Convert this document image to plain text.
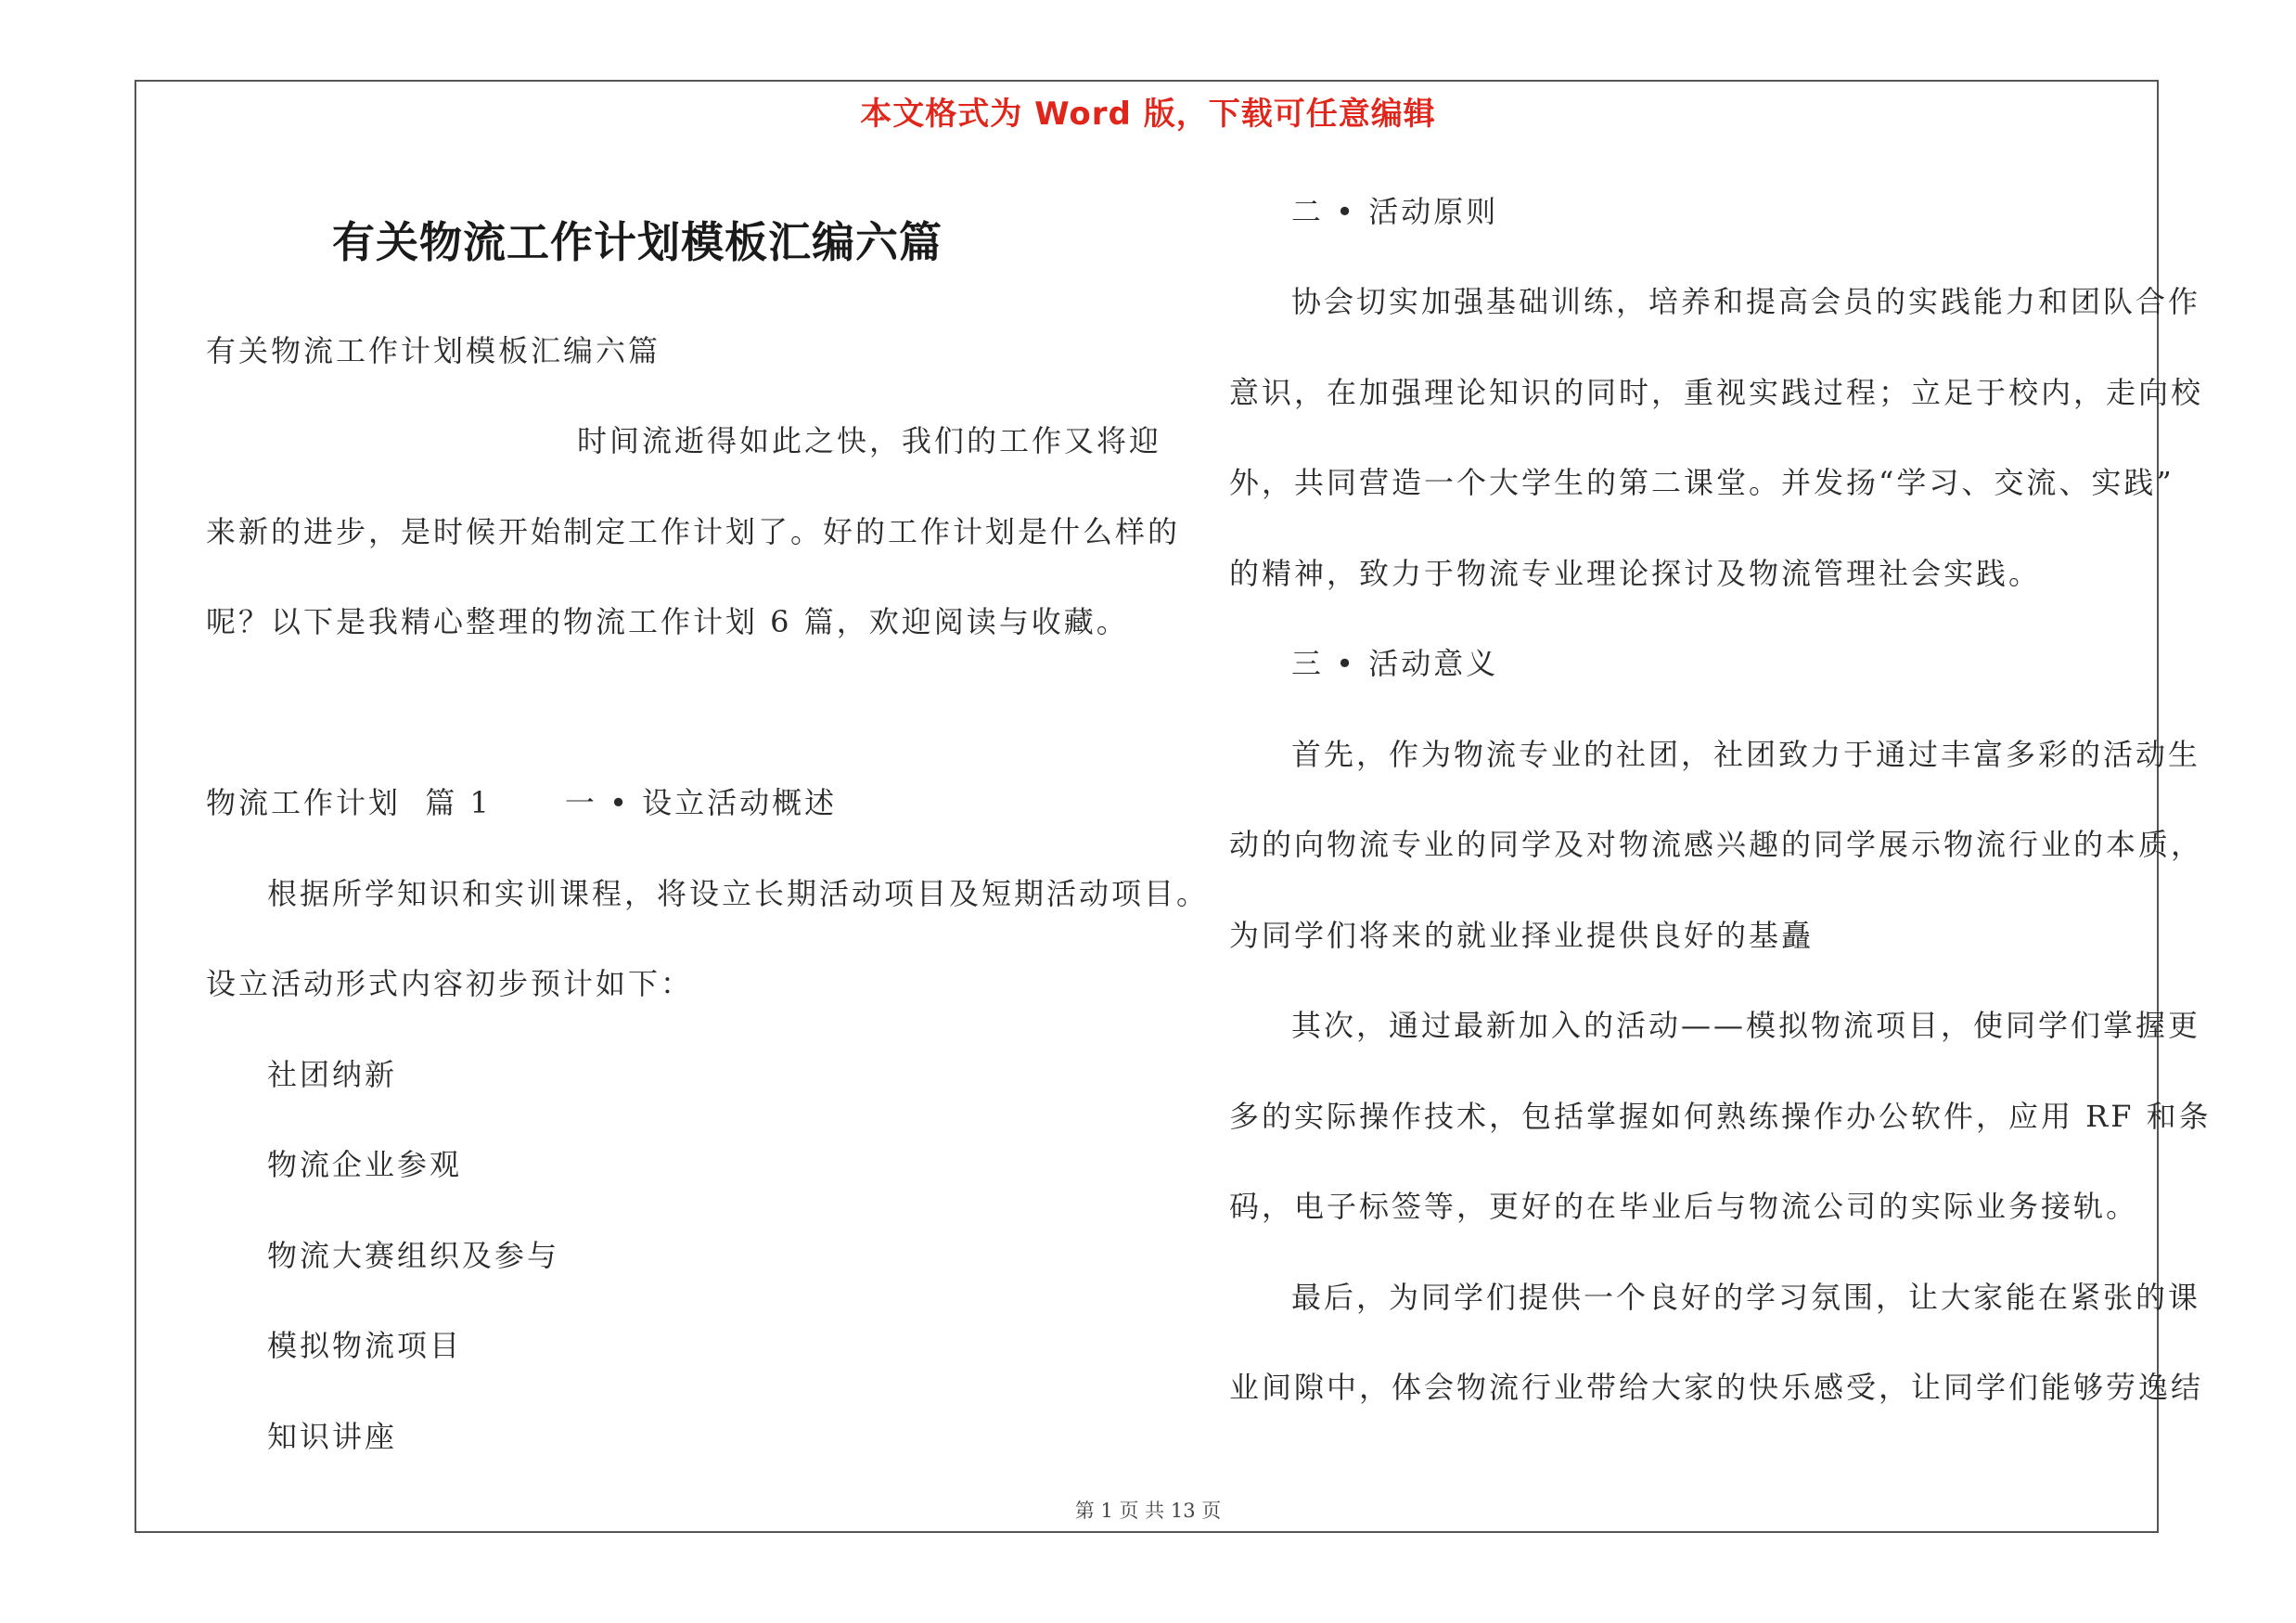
本文格式为 Word 版，下载可任意编辑
有关物流工作计划模板汇编六篇
有关物流工作计划模板汇编六篇
时间流逝得如此之快，我们的工作又将迎
来新的进步，是时候开始制定工作计划了。好的工作计划是什么样的
呢？以下是我精心整理的物流工作计划 6 篇，欢迎阅读与收藏。
物流工作计划  篇 1      一 • 设立活动概述
根据所学知识和实训课程，将设立长期活动项目及短期活动项目。
设立活动形式内容初步预计如下：
社团纳新
物流企业参观
物流大赛组织及参与
模拟物流项目
知识讲座
二 • 活动原则
协会切实加强基础训练，培养和提高会员的实践能力和团队合作
意识，在加强理论知识的同时，重视实践过程；立足于校内，走向校
外，共同营造一个大学生的第二课堂。并发扬“学习、交流、实践”
的精神，致力于物流专业理论探讨及物流管理社会实践。
三 • 活动意义
首先，作为物流专业的社团，社团致力于通过丰富多彩的活动生
动的向物流专业的同学及对物流感兴趣的同学展示物流行业的本质，
为同学们将来的就业择业提供良好的基矗
其次，通过最新加入的活动——模拟物流项目，使同学们掌握更
多的实际操作技术，包括掌握如何熟练操作办公软件，应用 RF 和条
码，电子标签等，更好的在毕业后与物流公司的实际业务接轨。
最后，为同学们提供一个良好的学习氛围，让大家能在紧张的课
业间隙中，体会物流行业带给大家的快乐感受，让同学们能够劳逸结
第 1 页 共 13 页
